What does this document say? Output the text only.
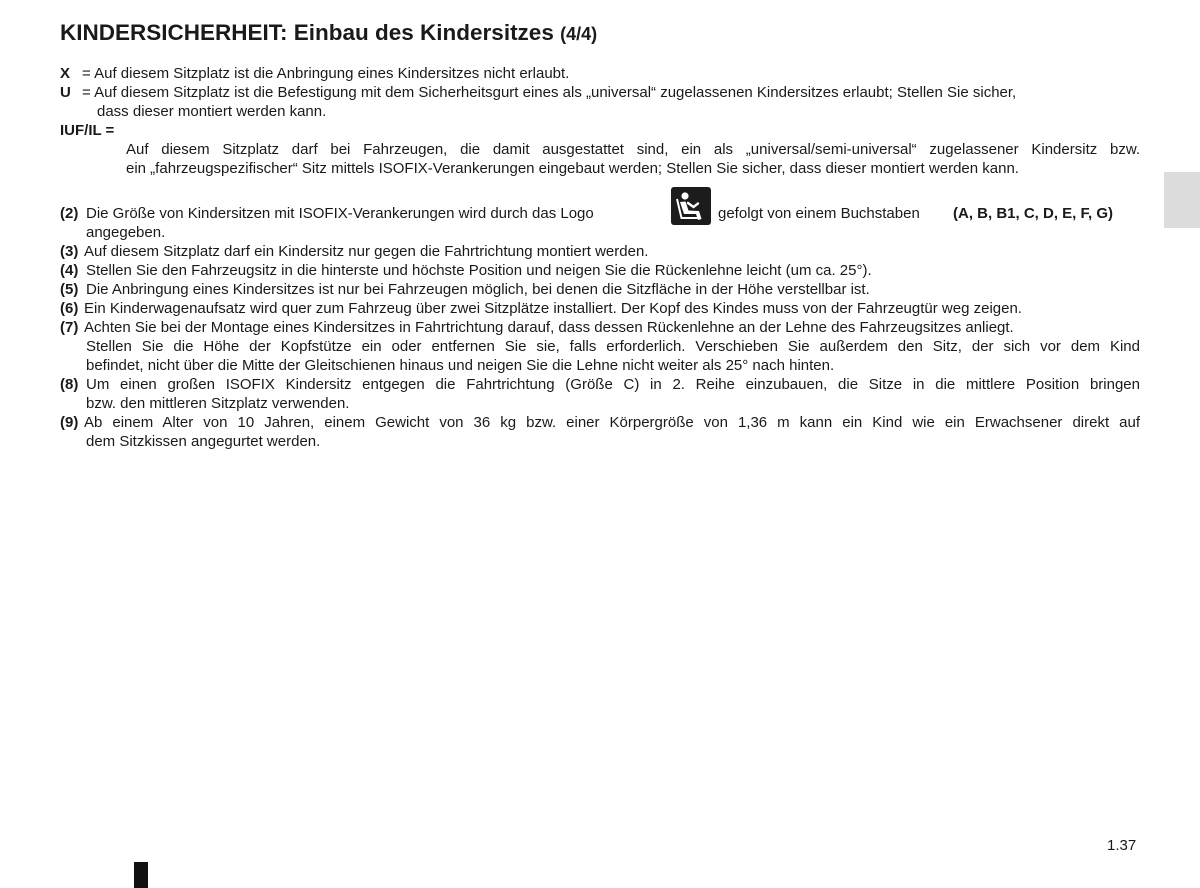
KINDERSICHERHEIT: Einbau des Kindersitzes (4/4)
X = Auf diesem Sitzplatz ist die Anbringung eines Kindersitzes nicht erlaubt.
U = Auf diesem Sitzplatz ist die Befestigung mit dem Sicherheitsgurt eines als „universal“ zugelassenen Kindersitzes erlaubt; Stellen Sie sicher,
dass dieser montiert werden kann.
IUF/IL =
Auf diesem Sitzplatz darf bei Fahrzeugen, die damit ausgestattet sind, ein als „universal/semi-universal“ zugelassener Kindersitz bzw.
ein „fahrzeugspezifischer“ Sitz mittels ISOFIX-Verankerungen eingebaut werden; Stellen Sie sicher, dass dieser montiert werden kann.
(2) Die Größe von Kindersitzen mit ISOFIX-Verankerungen wird durch das Logo	gefolgt von einem Buchstaben (A, B, B1, C, D, E, F, G)
angegeben.
(3) Auf diesem Sitzplatz darf ein Kindersitz nur gegen die Fahrtrichtung montiert werden.
(4) Stellen Sie den Fahrzeugsitz in die hinterste und höchste Position und neigen Sie die Rückenlehne leicht (um ca. 25°).
(5) Die Anbringung eines Kindersitzes ist nur bei Fahrzeugen möglich, bei denen die Sitzfläche in der Höhe verstellbar ist.
(6) Ein Kinderwagenaufsatz wird quer zum Fahrzeug über zwei Sitzplätze installiert. Der Kopf des Kindes muss von der Fahrzeugtür weg zeigen.
(7) Achten Sie bei der Montage eines Kindersitzes in Fahrtrichtung darauf, dass dessen Rückenlehne an der Lehne des Fahrzeugsitzes anliegt.
Stellen Sie die Höhe der Kopfstütze ein oder entfernen Sie sie, falls erforderlich. Verschieben Sie außerdem den Sitz, der sich vor dem Kind
befindet, nicht über die Mitte der Gleitschienen hinaus und neigen Sie die Lehne nicht weiter als 25° nach hinten.
(8) Um einen großen ISOFIX Kindersitz entgegen die Fahrtrichtung (Größe C) in 2. Reihe einzubauen, die Sitze in die mittlere Position bringen
bzw. den mittleren Sitzplatz verwenden.
(9) Ab einem Alter von 10 Jahren, einem Gewicht von 36 kg bzw. einer Körpergröße von 1,36 m kann ein Kind wie ein Erwachsener direkt auf
dem Sitzkissen angegurtet werden.
1.37
